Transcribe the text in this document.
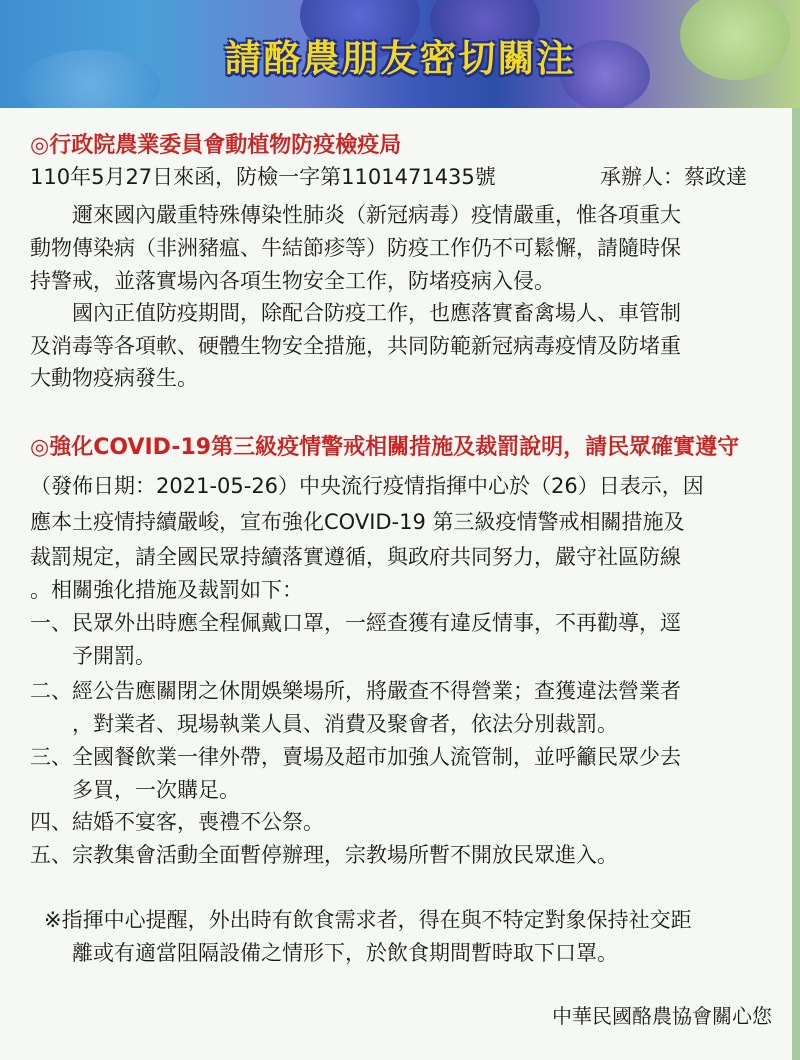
請酪農朋友密切關注
◎行政院農業委員會動植物防疫檢疫局
110年5月27日來函，防檢一字第1101471435號	承辦人：蔡政達
邇來國內嚴重特殊傳染性肺炎（新冠病毒）疫情嚴重，惟各項重大
動物傳染病（非洲豬瘟、牛結節疹等）防疫工作仍不可鬆懈，請隨時保
持警戒，並落實場內各項生物安全工作，防堵疫病入侵。
國內正值防疫期間，除配合防疫工作，也應落實畜禽場人、車管制
及消毒等各項軟、硬體生物安全措施，共同防範新冠病毒疫情及防堵重
大動物疫病發生。
◎強化COVID-19第三級疫情警戒相關措施及裁罰說明，請民眾確實遵守
（發佈日期：2021-05-26）中央流行疫情指揮中心於（26）日表示，因
應本土疫情持續嚴峻，宣布強化COVID-19 第三級疫情警戒相關措施及
裁罰規定，請全國民眾持續落實遵循，與政府共同努力，嚴守社區防線
。相關強化措施及裁罰如下：
一、民眾外出時應全程佩戴口罩，一經查獲有違反情事，不再勸導，逕
予開罰。
二、經公告應關閉之休閒娛樂場所，將嚴查不得營業；查獲違法營業者
，對業者、現場執業人員、消費及聚會者，依法分別裁罰。
三、全國餐飲業一律外帶，賣場及超市加強人流管制，並呼籲民眾少去
多買，一次購足。
四、結婚不宴客，喪禮不公祭。
五、宗教集會活動全面暫停辦理，宗教場所暫不開放民眾進入。
※指揮中心提醒，外出時有飲食需求者，得在與不特定對象保持社交距
離或有適當阻隔設備之情形下，於飲食期間暫時取下口罩。
中華民國酪農協會關心您
